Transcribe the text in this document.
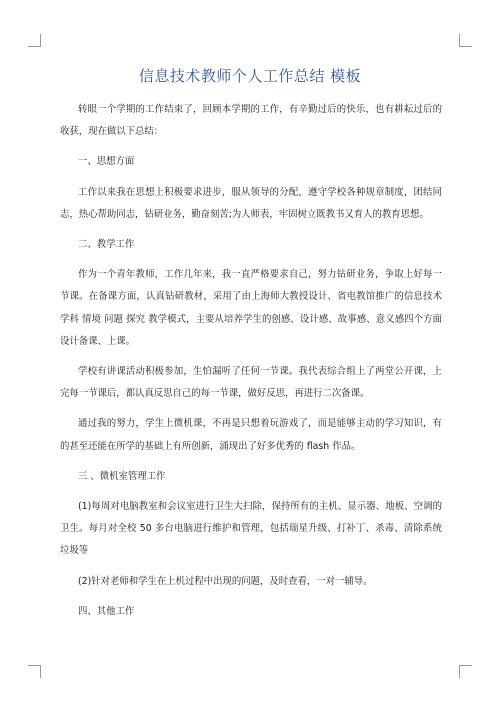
信息技术教师个人工作总结 模板

转眼一个学期的工作结束了，回顾本学期的工作，有辛勤过后的快乐，也有耕耘过后的收获，现在做以下总结：

一、思想方面

工作以来我在思想上积极要求进步，服从领导的分配，遵守学校各种规章制度，团结同志，热心帮助同志，钻研业务，勤奋刻苦;为人师表，牢固树立既教书又育人的教育思想。

二、教学工作

作为一个青年教师，工作几年来，我一直严格要求自己，努力钻研业务，争取上好每一节课。在备课方面，认真钻研教材，采用了由上海师大教授设计、省电教馆推广的信息技术学科 情境 问题 探究 教学模式，主要从培养学生的创感、设计感、故事感、意义感四个方面设计备课、上课。

学校有讲课活动积极参加，生怕漏听了任何一节课。我代表综合组上了两堂公开课，上完每一节课后，都认真反思自己的每一节课，做好反思，再进行二次备课。

通过我的努力，学生上微机课，不再是只想着玩游戏了，而是能够主动的学习知识，有的甚至还能在所学的基础上有所创新，涌现出了好多优秀的 flash 作品。

三 、微机室管理工作

(1)每周对电脑教室和会议室进行卫生大扫除，保持所有的主机、显示器、地板、空调的卫生。每月对全校 50 多台电脑进行维护和管理，包括瑞星升级、打补丁、杀毒、清除系统垃圾等

(2)针对老师和学生在上机过程中出现的问题，及时查看，一对一辅导。

四、其他工作
